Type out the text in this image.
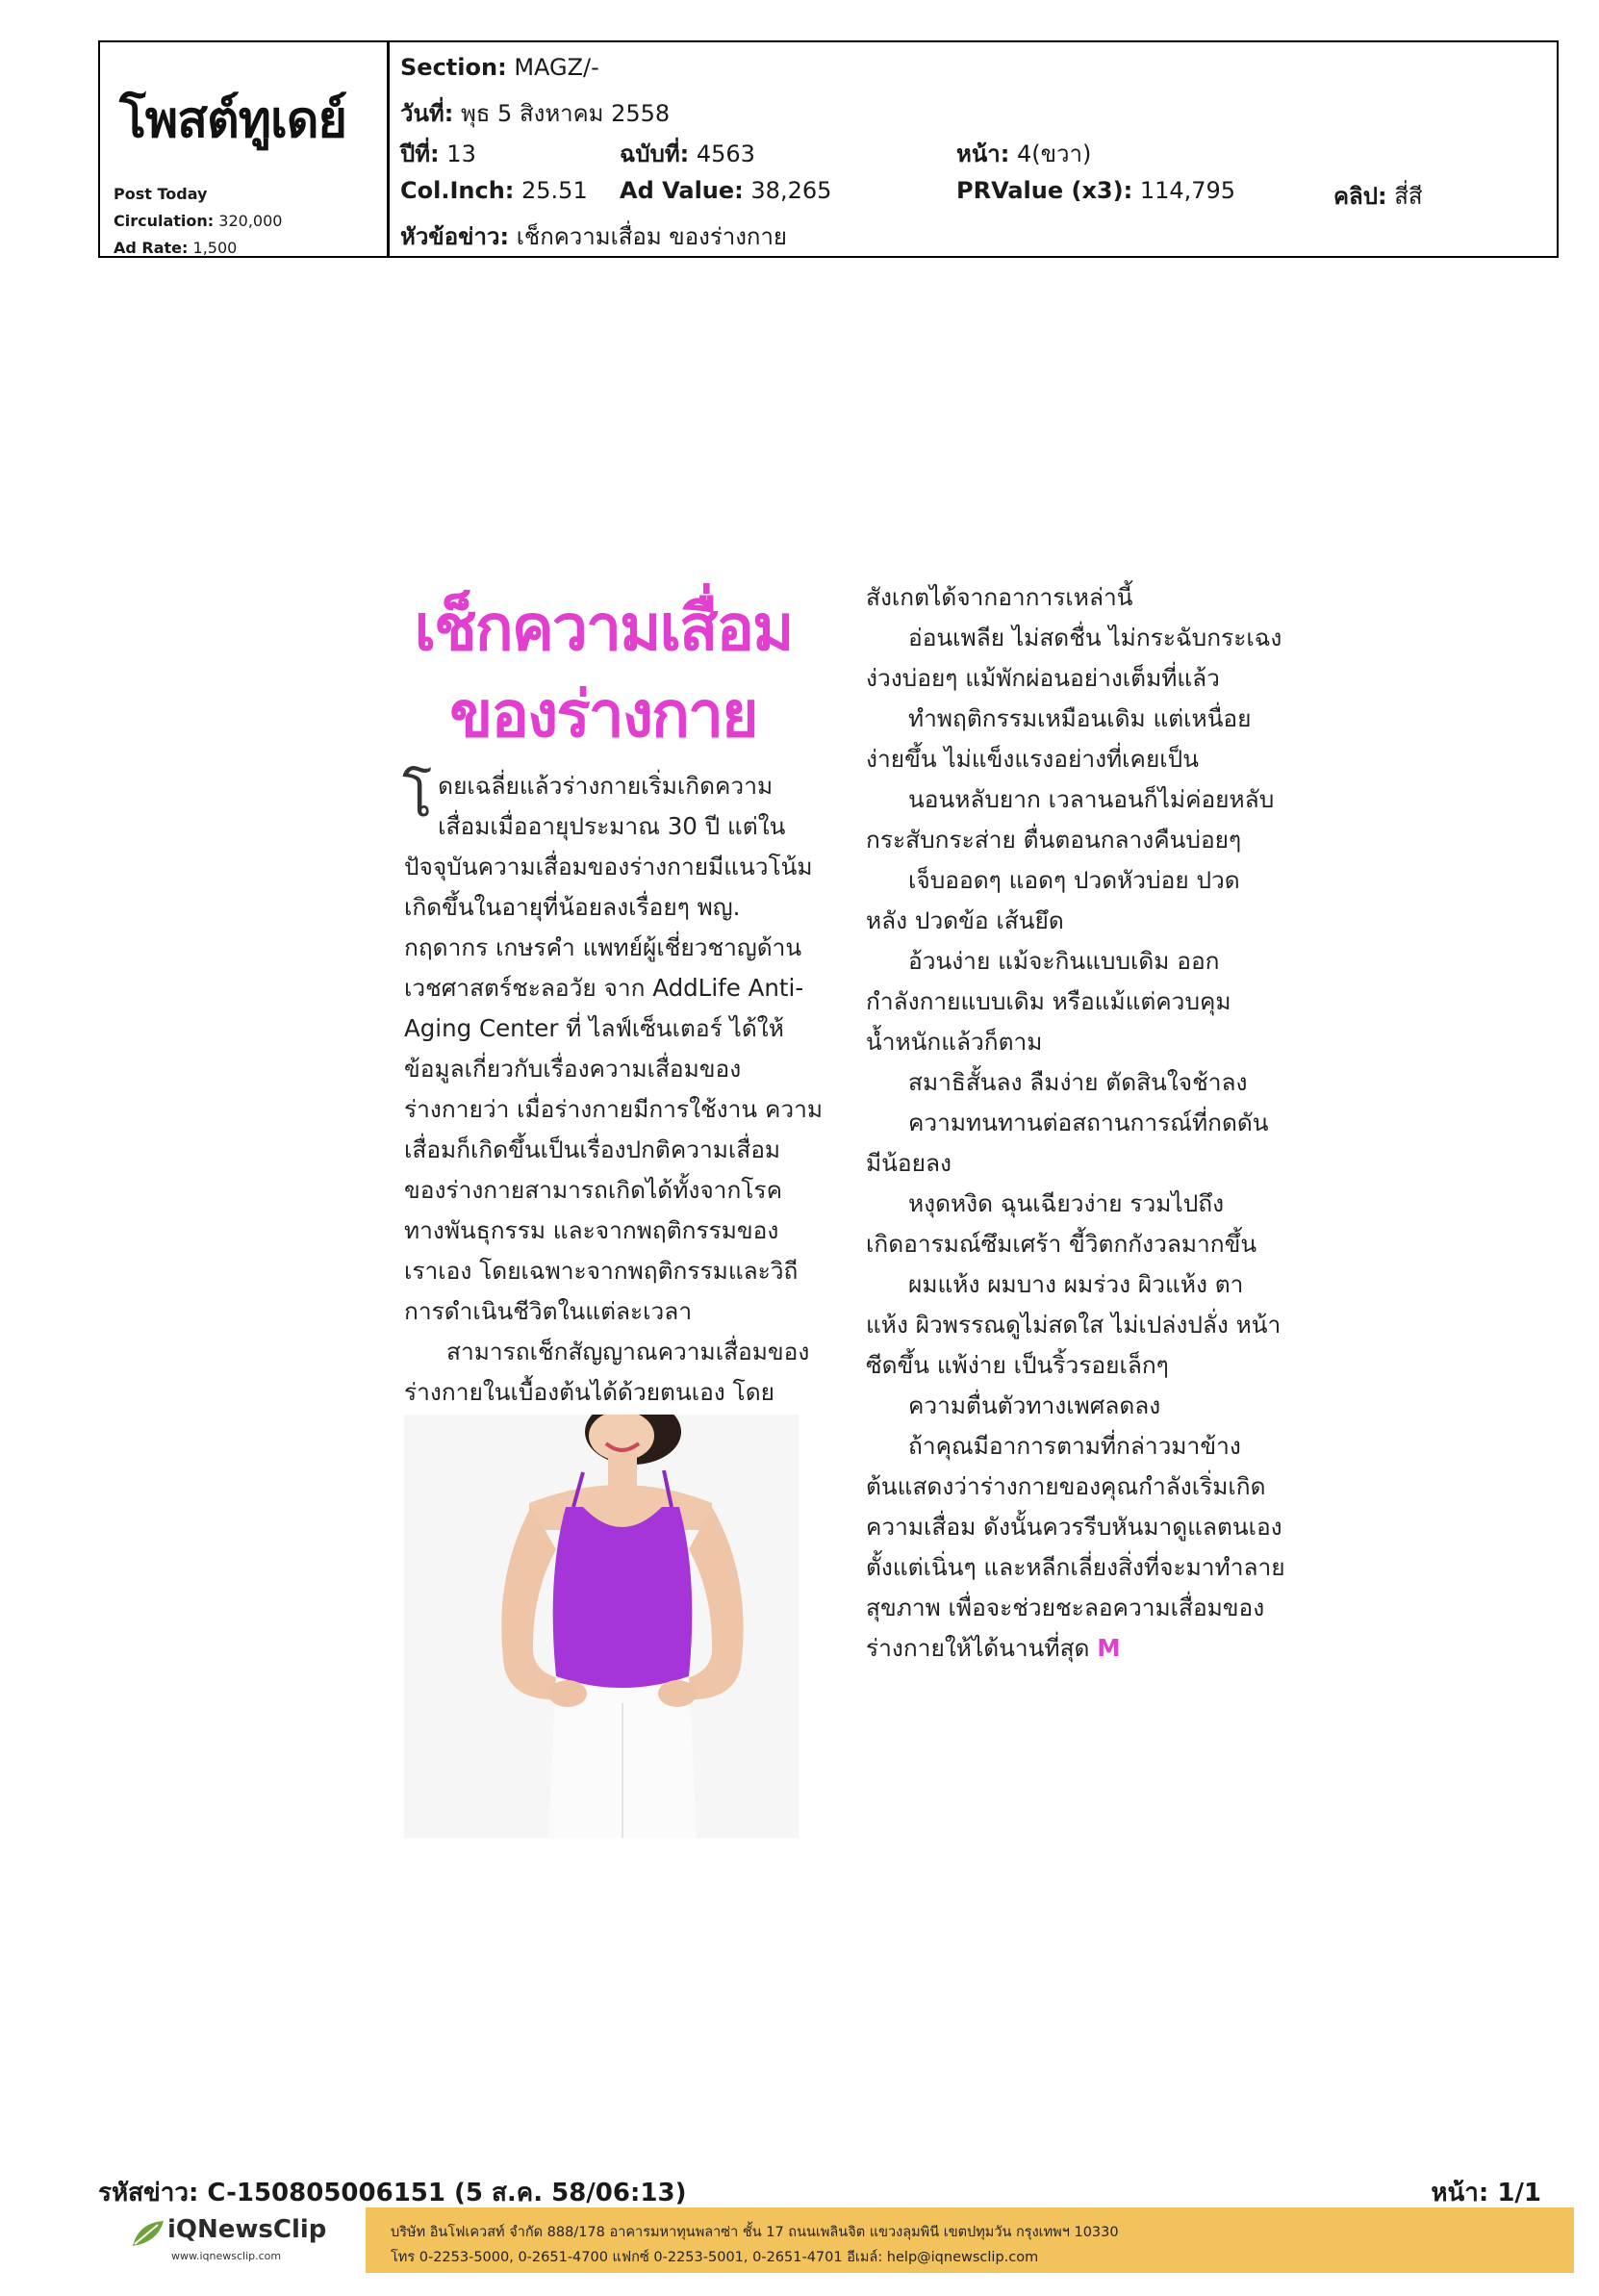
โพสต์ทูเดย์
Post Today
Circulation: 320,000
Ad Rate: 1,500
Section: MAGZ/-
วันที่: พุธ 5 สิงหาคม 2558
ปีที่: 13	ฉบับที่: 4563	หน้า: 4(ขวา)
Col.Inch: 25.51 Ad Value: 38,265	PRValue (x3): 114,795	คลิป: สี่สี
หัวข้อข่าว: เช็กความเสื่อม ของร่างกาย
เช็กความเสื่อม
ของร่างกาย
โ ดยเฉลี่ยแล้วร่างกายเริ่มเกิดความ

เสื่อมเมื่ออายุประมาณ 30 ปี แต่ใน

ปัจจุบันความเสื่อมของร่างกายมีแนวโน้ม

เกิดขึ้นในอายุที่น้อยลงเรื่อยๆ พญ.

กฤดากร เกษรคำ แพทย์ผู้เชี่ยวชาญด้าน

เวชศาสตร์ชะลอวัย จาก AddLife Anti-

Aging Center ที่ ไลฟ์เซ็นเตอร์ ได้ให้

ข้อมูลเกี่ยวกับเรื่องความเสื่อมของ

ร่างกายว่า เมื่อร่างกายมีการใช้งาน ความ

เสื่อมก็เกิดขึ้นเป็นเรื่องปกติความเสื่อม

ของร่างกายสามารถเกิดได้ทั้งจากโรค

ทางพันธุกรรม และจากพฤติกรรมของ

เราเอง โดยเฉพาะจากพฤติกรรมและวิถี

การดำเนินชีวิตในแต่ละเวลา

สามารถเช็กสัญญาณความเสื่อมของ

ร่างกายในเบื้องต้นได้ด้วยตนเอง โดย

สังเกตได้จากอาการเหล่านี้

อ่อนเพลีย ไม่สดชื่น ไม่กระฉับกระเฉง

ง่วงบ่อยๆ แม้พักผ่อนอย่างเต็มที่แล้ว

ทำพฤติกรรมเหมือนเดิม แต่เหนื่อย

ง่ายขึ้น ไม่แข็งแรงอย่างที่เคยเป็น

นอนหลับยาก เวลานอนก็ไม่ค่อยหลับ

กระสับกระส่าย ตื่นตอนกลางคืนบ่อยๆ

เจ็บออดๆ แอดๆ ปวดหัวบ่อย ปวด

หลัง ปวดข้อ เส้นยึด

อ้วนง่าย แม้จะกินแบบเดิม ออก

กำลังกายแบบเดิม หรือแม้แต่ควบคุม

น้ำหนักแล้วก็ตาม

สมาธิสั้นลง ลืมง่าย ตัดสินใจช้าลง

ความทนทานต่อสถานการณ์ที่กดดัน

มีน้อยลง

หงุดหงิด ฉุนเฉียวง่าย รวมไปถึง

เกิดอารมณ์ซึมเศร้า ขี้วิตกกังวลมากขึ้น

ผมแห้ง ผมบาง ผมร่วง ผิวแห้ง ตา

แห้ง ผิวพรรณดูไม่สดใส ไม่เปล่งปลั่ง หน้า

ซีดขึ้น แพ้ง่าย เป็นริ้วรอยเล็กๆ

ความตื่นตัวทางเพศลดลง

ถ้าคุณมีอาการตามที่กล่าวมาข้าง

ต้นแสดงว่าร่างกายของคุณกำลังเริ่มเกิด

ความเสื่อม ดังนั้นควรรีบหันมาดูแลตนเอง

ตั้งแต่เนิ่นๆ และหลีกเลี่ยงสิ่งที่จะมาทำลาย

สุขภาพ เพื่อจะช่วยชะลอความเสื่อมของ

ร่างกายให้ได้นานที่สุด M

รหัสข่าว: C-150805006151 (5 ส.ค. 58/06:13)	หน้า: 1/1
iQNewsClip
www.iqnewsclip.com
บริษัท อินโฟเควสท์ จำกัด 888/178 อาคารมหาทุนพลาซ่า ชั้น 17 ถนนเพลินจิต แขวงลุมพินี เขตปทุมวัน กรุงเทพฯ 10330
โทร 0-2253-5000, 0-2651-4700 แฟกซ์ 0-2253-5001, 0-2651-4701 อีเมล์: help@iqnewsclip.com
